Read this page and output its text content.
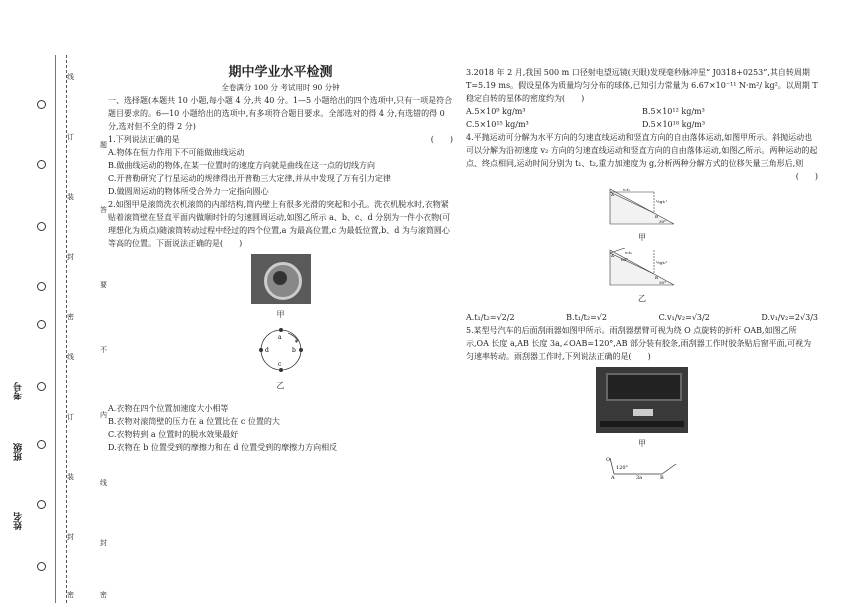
线
订
装
封
密
线
订
装
封
密
题
答
要
不
内
线
封
密
考号
班级
姓名
期中学业水平检测
全卷满分 100 分 考试用时 90 分钟

一、选择题(本题共 10 小题,每小题 4 分,共 40 分。1—5 小题给出的四个选项中,只有一项是符合题目要求的。6—10 小题给出的选项中,有多项符合题目要求。全部选对的得 4 分,有选错的得 0 分,选对但不全的得 2 分)

1.下列说法正确的是	(　　)

A.物体在恒力作用下不可能做曲线运动

B.做曲线运动的物体,在某一位置时的速度方向就是曲线在这一点的切线方向

C.开普勒研究了行星运动的规律得出开普勒三大定律,并从中发现了万有引力定律

D.做圆周运动的物体所受合外力一定指向圆心

2.如图甲是滚筒洗衣机滚筒的内部结构,筒内壁上有很多光滑的突起和小孔。洗衣机脱水时,衣物紧贴着滚筒壁在竖直平面内做顺时针的匀速圆周运动,如图乙所示 a、b、c、d 分别为一件小衣物(可理想化为质点)随滚筒转动过程中经过的四个位置,a 为最高位置,c 为最低位置,b、d 为与滚筒圆心等高的位置。下面说法正确的是(　　)

甲
a
b
c
d
乙

A.衣物在四个位置加速度大小相等

B.衣物对滚筒壁的压力在 a 位置比在 c 位置的大

C.衣物转到 a 位置时的脱水效果最好

D.衣物在 b 位置受到的摩擦力和在 d 位置受到的摩擦力方向相反

3.2018 年 2 月,我国 500 m 口径射电望远镜(天眼)发现毫秒脉冲星“ J0318+0253”,其自转周期 T=5.19 ms。假设星体为质量均匀分布的球体,已知引力常量为 6.67×10⁻¹¹ N·m²/ kg²。以周期 T 稳定自转的星体的密度约为(　　)

A.5×10⁹ kg/m³	B.5×10¹² kg/m³
C.5×10¹⁵ kg/m³	D.5×10¹⁸ kg/m³
4.平抛运动可分解为水平方向的匀速直线运动和竖直方向的自由落体运动,如图甲所示。斜抛运动也可以分解为沿初速度 v₂ 方向的匀速直线运动和竖直方向的自由落体运动,如图乙所示。两种运动的起点、终点相同,运动时间分别为 t₁、t₂,重力加速度为 g,分析两种分解方式的位移矢量三角形后,则
(　　)
v₁t₁
½gt₁²
A
B
30°
甲
v₂t₂
½gt₂²
60°
A
B
30°
乙
A.t₁/t₂=√2/2	B.t₁/t₂=√2	C.v₁/v₂=√3/2	D.v₁/v₂=2√3/3

5.某型号汽车的后面刮雨器如图甲所示。雨刮器摆臂可视为绕 O 点旋转的折杆 OAB,如图乙所示,OA 长度 a,AB 长度 3a,∠OAB=120°,AB 部分装有胶条,雨刮器工作时胶条贴后窗平面,可视为匀速率转动。雨刮器工作时,下列说法正确的是(　　)

甲
O
A	B
120°
3a
